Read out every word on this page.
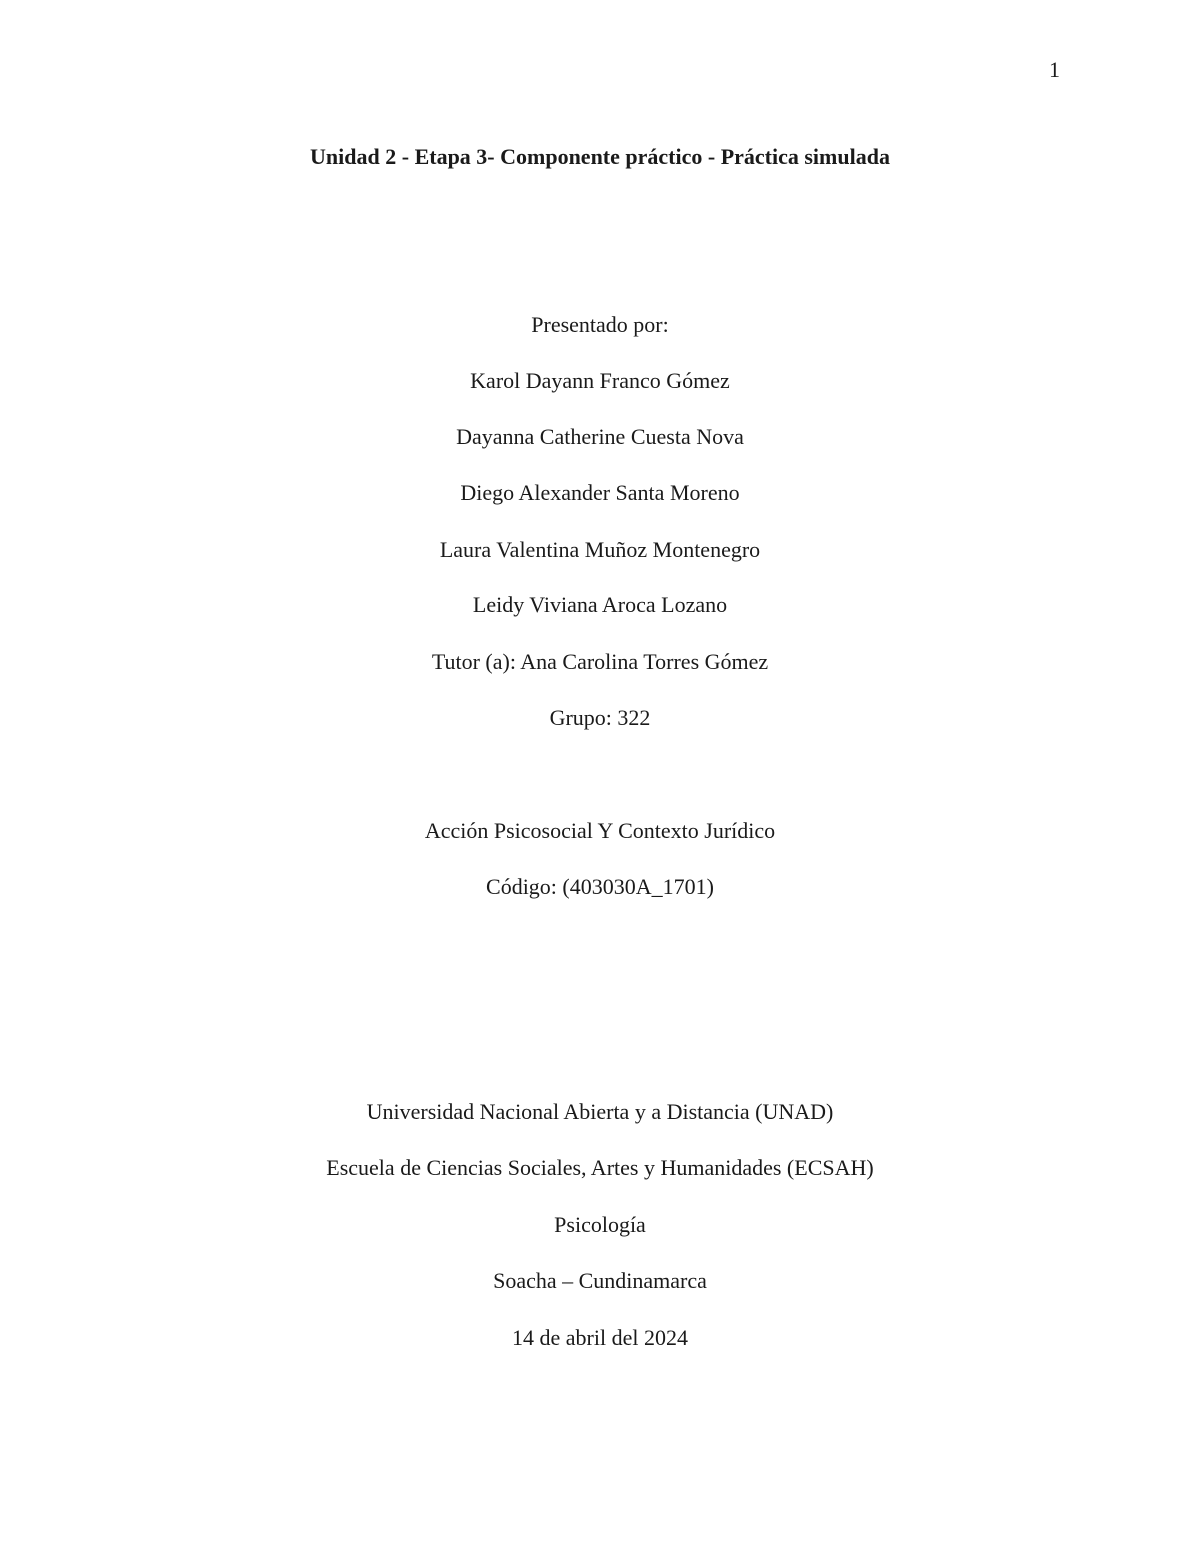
1
Unidad 2 - Etapa 3- Componente práctico - Práctica simulada
Presentado por:
Karol Dayann Franco Gómez
Dayanna Catherine Cuesta Nova
Diego Alexander Santa Moreno
Laura Valentina Muñoz Montenegro
Leidy Viviana Aroca Lozano
Tutor (a): Ana Carolina Torres Gómez
Grupo: 322
Acción Psicosocial Y Contexto Jurídico
Código: (403030A_1701)
Universidad Nacional Abierta y a Distancia (UNAD)
Escuela de Ciencias Sociales, Artes y Humanidades (ECSAH)
Psicología
Soacha – Cundinamarca
14 de abril del 2024
